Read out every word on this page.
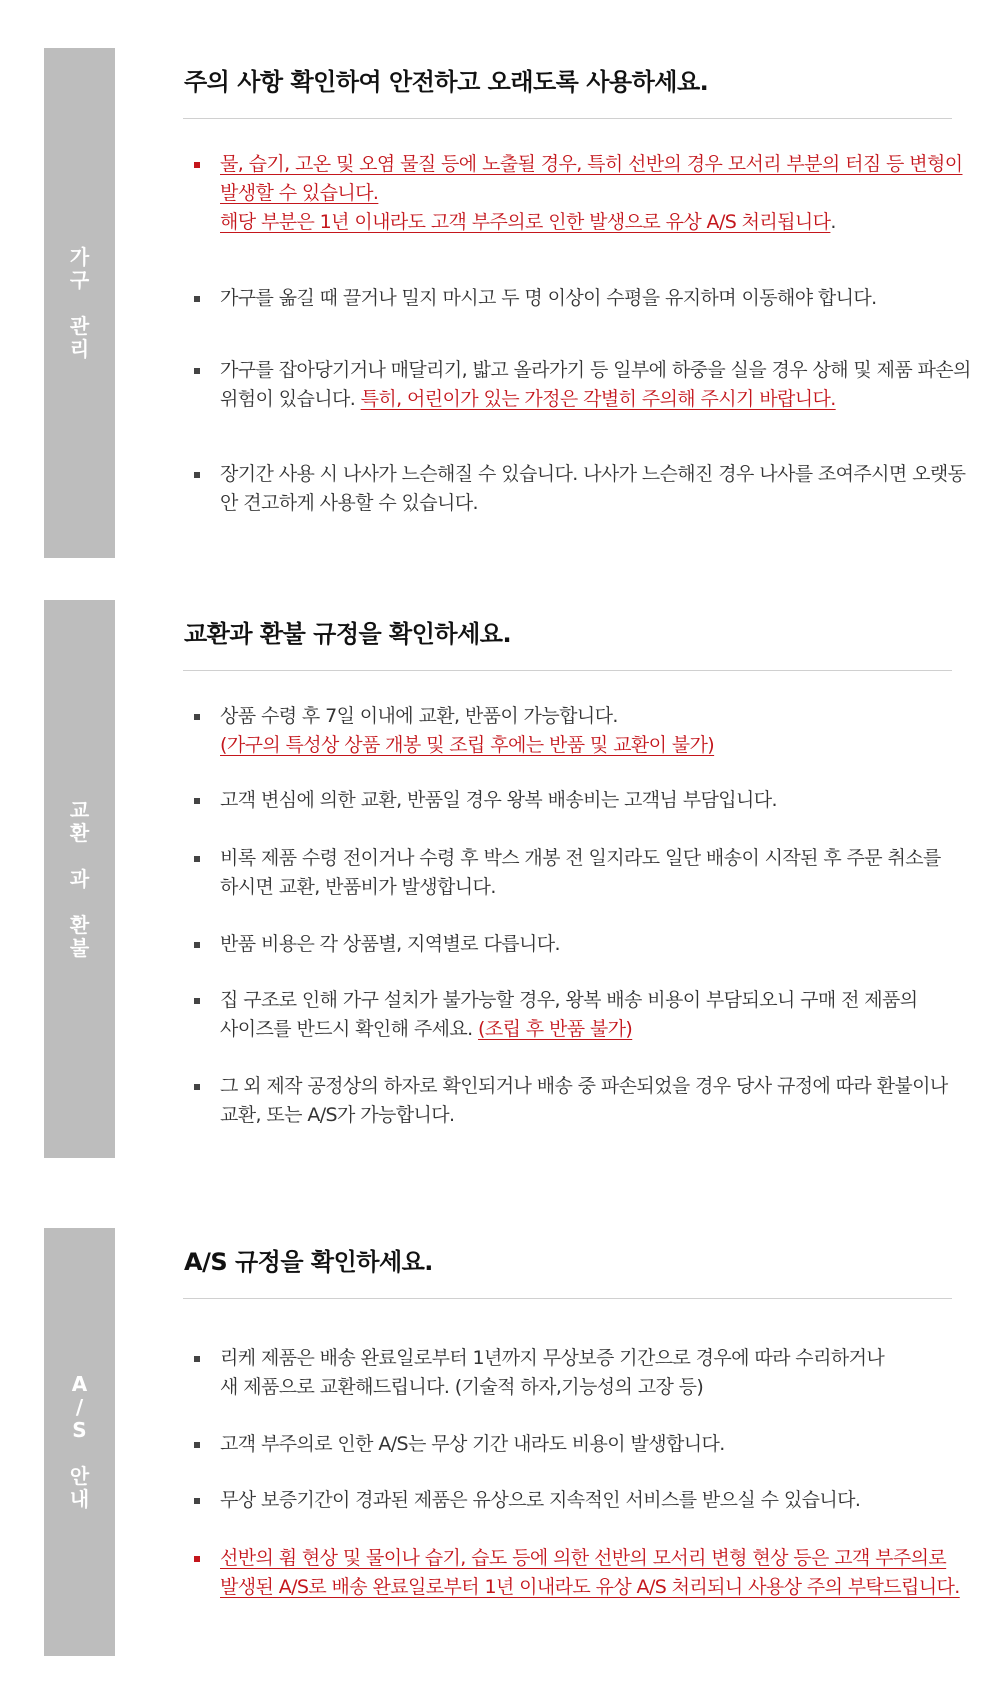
가
구

관
리

주의 사항 확인하여 안전하고 오래도록 사용하세요.
물, 습기, 고온 및 오염 물질 등에 노출될 경우, 특히 선반의 경우 모서리 부분의 터짐 등 변형이
발생할 수 있습니다.
해당 부분은 1년 이내라도 고객 부주의로 인한 발생으로 유상 A/S 처리됩니다.
가구를 옮길 때 끌거나 밀지 마시고 두 명 이상이 수평을 유지하며 이동해야 합니다.
가구를 잡아당기거나 매달리기, 밟고 올라가기 등 일부에 하중을 실을 경우 상해 및 제품 파손의
위험이 있습니다. 특히, 어린이가 있는 가정은 각별히 주의해 주시기 바랍니다.
장기간 사용 시 나사가 느슨해질 수 있습니다. 나사가 느슨해진 경우 나사를 조여주시면 오랫동
안 견고하게 사용할 수 있습니다.

교
환

과

환
불

교환과 환불 규정을 확인하세요.
상품 수령 후 7일 이내에 교환, 반품이 가능합니다.
(가구의 특성상 상품 개봉 및 조립 후에는 반품 및 교환이 불가)
고객 변심에 의한 교환, 반품일 경우 왕복 배송비는 고객님 부담입니다.
비록 제품 수령 전이거나 수령 후 박스 개봉 전 일지라도 일단 배송이 시작된 후 주문 취소를
하시면 교환, 반품비가 발생합니다.
반품 비용은 각 상품별, 지역별로 다릅니다.
집 구조로 인해 가구 설치가 불가능할 경우, 왕복 배송 비용이 부담되오니 구매 전 제품의
사이즈를 반드시 확인해 주세요. (조립 후 반품 불가)
그 외 제작 공정상의 하자로 확인되거나 배송 중 파손되었을 경우 당사 규정에 따라 환불이나
교환, 또는 A/S가 가능합니다.

A
/
S

안
내

A/S 규정을 확인하세요.
리케 제품은 배송 완료일로부터 1년까지 무상보증 기간으로 경우에 따라 수리하거나
새 제품으로 교환해드립니다. (기술적 하자,기능성의 고장 등)
고객 부주의로 인한 A/S는 무상 기간 내라도 비용이 발생합니다.
무상 보증기간이 경과된 제품은 유상으로 지속적인 서비스를 받으실 수 있습니다.
선반의 휨 현상 및 물이나 습기, 습도 등에 의한 선반의 모서리 변형 현상 등은 고객 부주의로
발생된 A/S로 배송 완료일로부터 1년 이내라도 유상 A/S 처리되니 사용상 주의 부탁드립니다.
